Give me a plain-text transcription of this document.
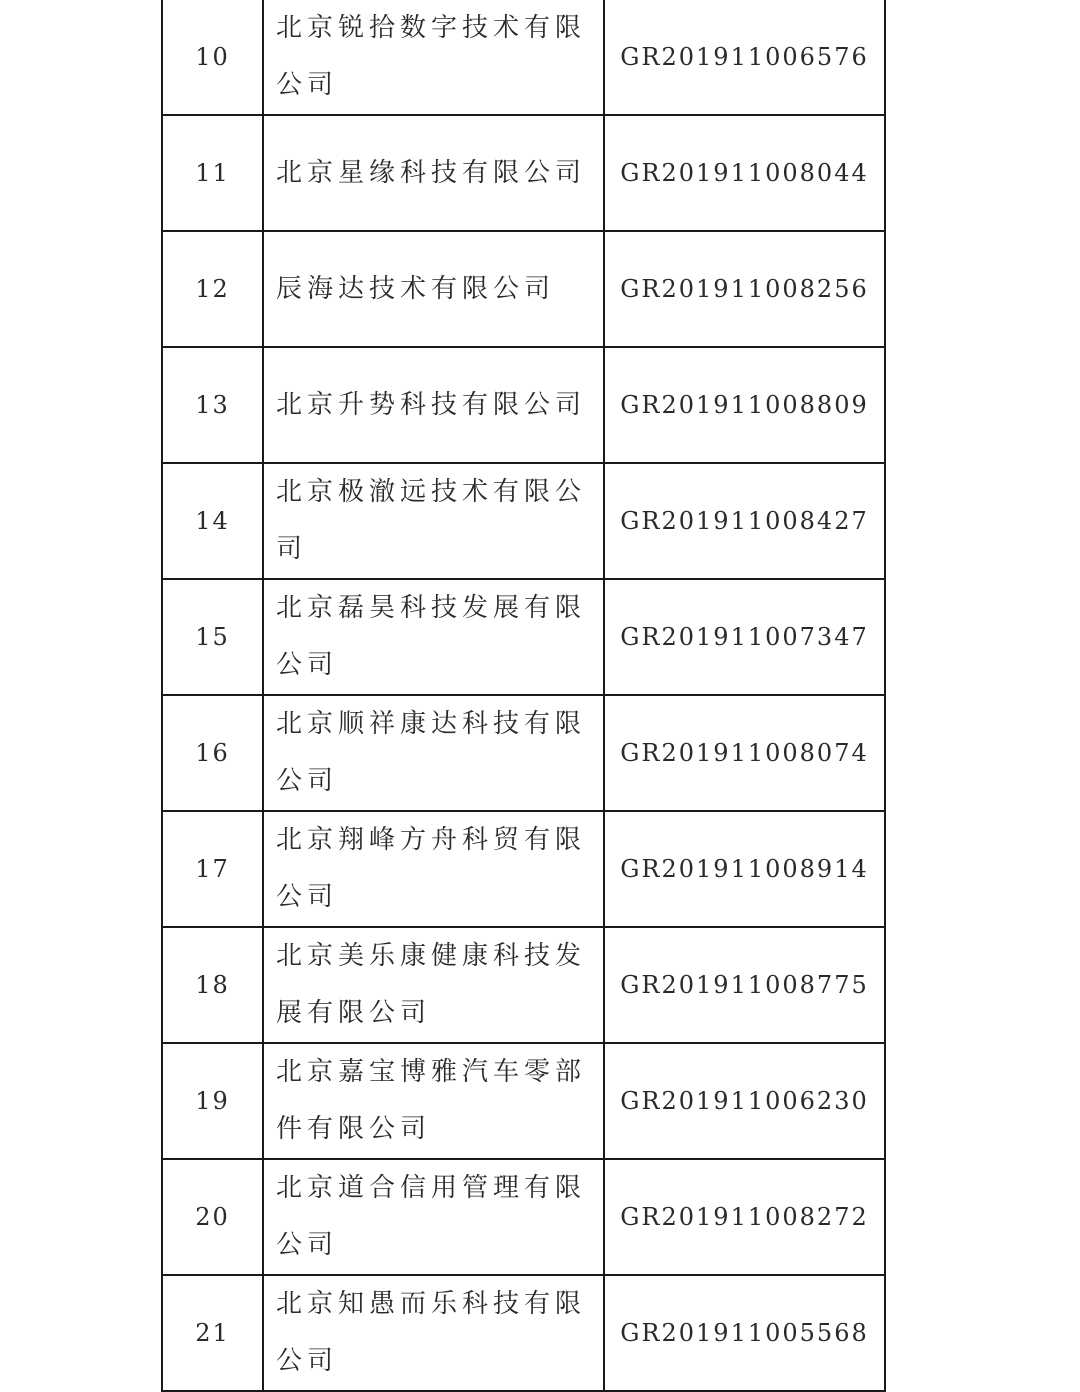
10	北京锐拾数字技术有限公司	GR201911006576
11	北京星缘科技有限公司	GR201911008044
12	辰海达技术有限公司	GR201911008256
13	北京升势科技有限公司	GR201911008809
14	北京极澈远技术有限公司	GR201911008427
15	北京磊昊科技发展有限公司	GR201911007347
16	北京顺祥康达科技有限公司	GR201911008074
17	北京翔峰方舟科贸有限公司	GR201911008914
18	北京美乐康健康科技发展有限公司	GR201911008775
19	北京嘉宝博雅汽车零部件有限公司	GR201911006230
20	北京道合信用管理有限公司	GR201911008272
21	北京知愚而乐科技有限公司	GR201911005568
